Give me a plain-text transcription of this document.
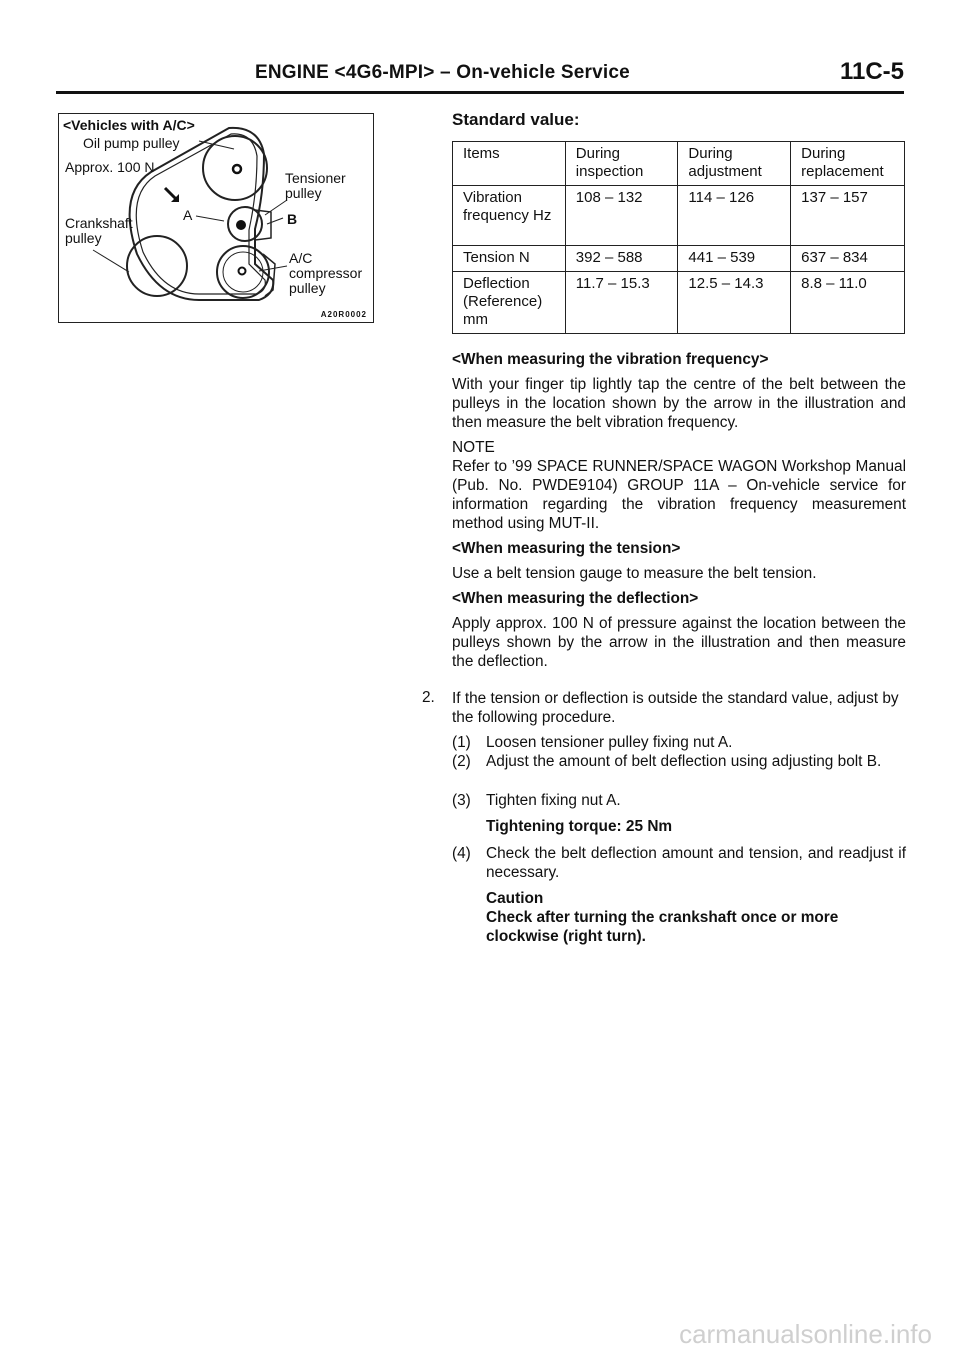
ENGINE <4G6-MPI> – On-vehicle Service	11C-5
<Vehicles with A/C>
Oil pump pulley
Approx. 100 N
Tensioner
pulley
Crankshaft
pulley
A	B
A/C
compressor
pulley
A20R0002
Standard value:
Items	During inspection	During adjustment	During replacement
Vibration frequency Hz	108 – 132	114 – 126	137 – 157
Tension N	392 – 588	441 – 539	637 – 834
Deflection (Reference) mm	11.7 – 15.3	12.5 – 14.3	8.8 – 11.0

<When measuring the vibration frequency>

With your finger tip lightly tap the centre of the belt between the pulleys in the location shown by the arrow in the illustration and then measure the belt vibration frequency.

NOTE

Refer to ’99 SPACE RUNNER/SPACE WAGON Workshop Manual (Pub. No. PWDE9104) GROUP 11A – On-vehicle service for information regarding the vibration frequency measurement method using MUT-II.

<When measuring the tension>

Use a belt tension gauge to measure the belt tension.

<When measuring the deflection>

Apply approx. 100 N of pressure against the location between the pulleys shown by the arrow in the illustration and then measure the deflection.

2. If the tension or deflection is outside the standard value, adjust by the following procedure.
(1) Loosen tensioner pulley fixing nut A.
(2) Adjust the amount of belt deflection using adjusting bolt B.
(3) Tighten fixing nut A.
Tightening torque: 25 Nm
(4) Check the belt deflection amount and tension, and readjust if necessary.
Caution
Check after turning the crankshaft once or more clockwise (right turn).
carmanualsonline.info
